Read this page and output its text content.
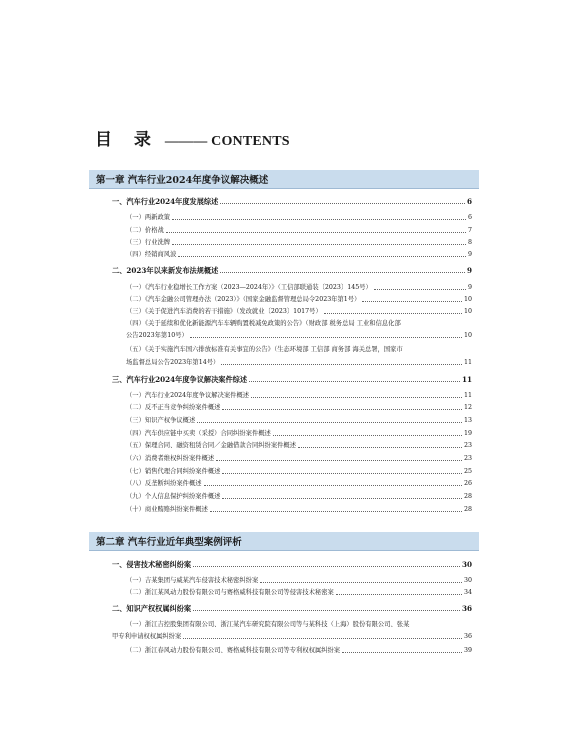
目 录 ——— CONTENTS
第一章 汽车行业2024年度争议解决概述
一、汽车行业2024年度发展综述	6
（一）两新政策	6
（二）价格战	7
（三）行业洗牌	8
（四）经销商风波	9
二、2023年以来新发布法规概述	9
（一）《汽车行业稳增长工作方案（2023—2024年）》（工信部联通装〔2023〕145号）	9
（二）《汽车金融公司管理办法（2023）》（国家金融监督管理总局令2023年第1号）	10
（三）《关于促进汽车消费的若干措施》（发改就业〔2023〕1017号）	10
（四）《关于延续和优化新能源汽车车辆购置税减免政策的公告》（财政部 税务总局 工业和信息化部
公告2023年第10号）	10
（五）《关于实施汽车国六排放标准有关事宜的公告》（生态环境部 工信部 商务部 海关总署，国家市
场监督总局公告2023年第14号）	11
三、汽车行业2024年度争议解决案件综述	11
（一）汽车行业2024年度争议解决案件概述	11
（二）反不正当竞争纠纷案件概述	12
（三）知识产权争议概述	13
（四）汽车供应链中买卖（采授）合同纠纷案件概述	19
（五）保理合同、融资租赁合同／金融借款合同纠纷案件概述	23
（六）消费者维权纠纷案件概述	23
（七）销售代理合同纠纷案件概述	25
（八）反垄断纠纷案件概述	26
（九）个人信息保护纠纷案件概述	28
（十）商业贿赂纠纷案件概述	28
第二章 汽车行业近年典型案例评析
一、侵害技术秘密纠纷案	30
（一）吉某集团与威某汽车侵害技术秘密纠纷案	30
（二）浙江某风动力股份有限公司与赛格威科技有限公司等侵害技术秘密案	34
二、知识产权权属纠纷案	36
（一）浙江吉控股集团有限公司、浙江某汽车研究院有限公司等与某科技（上海）股份有限公司、张某
甲专利申请权权属纠纷案	36
（二）浙江春风动力股份有限公司、赛格威科技有限公司等专利权权属纠纷案	39
